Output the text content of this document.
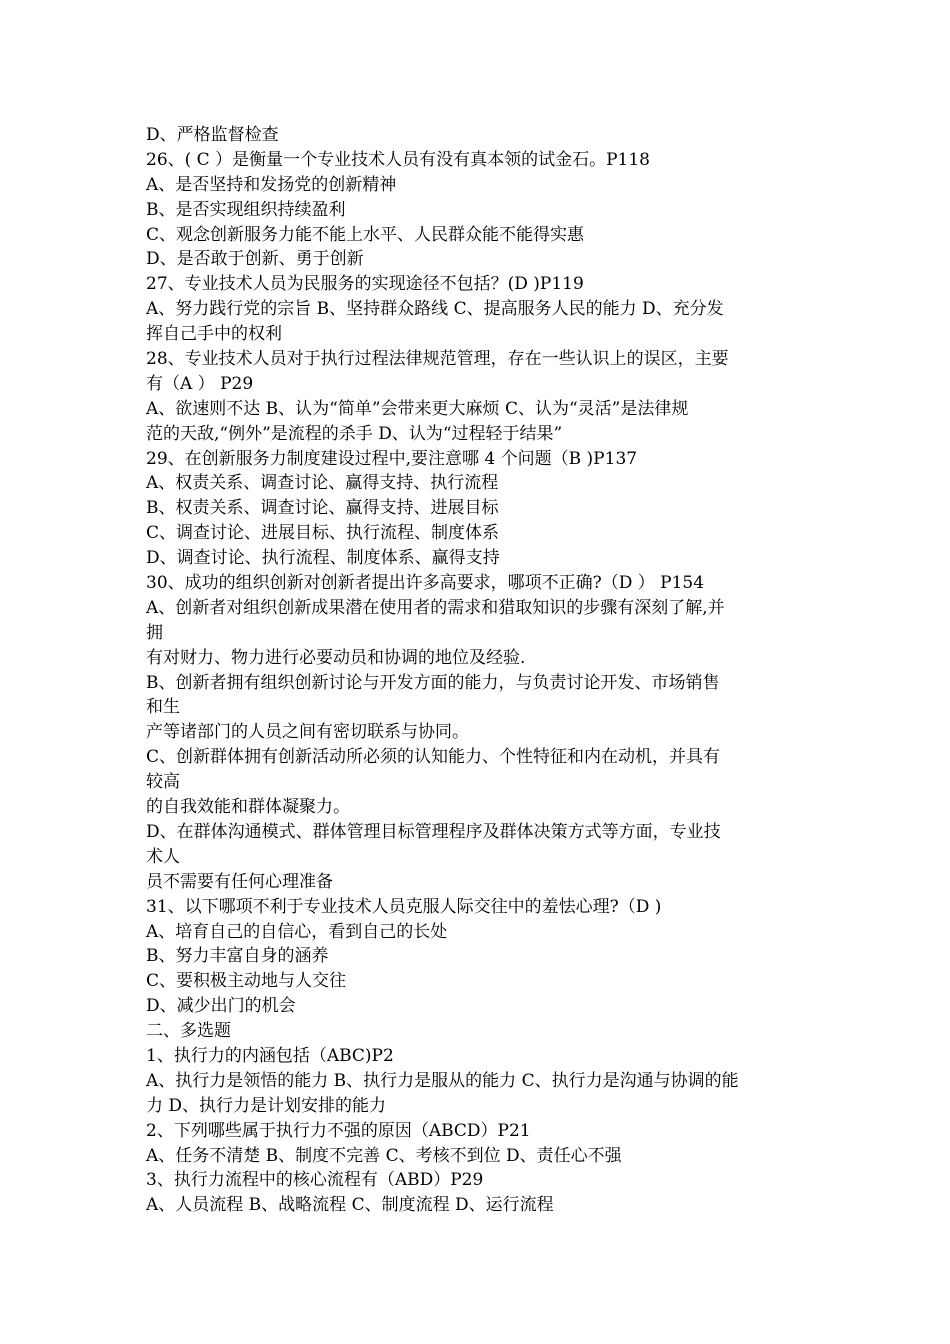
D、严格监督检查
26、( C ）是衡量一个专业技术人员有没有真本领的试金石。P118
A、是否坚持和发扬党的创新精神
B、是否实现组织持续盈利
C、观念创新服务力能不能上水平、人民群众能不能得实惠
D、是否敢于创新、勇于创新
27、专业技术人员为民服务的实现途径不包括？(D )P119
A、努力践行党的宗旨 B、坚持群众路线 C、提高服务人民的能力 D、充分发
挥自己手中的权利
28、专业技术人员对于执行过程法律规范管理，存在一些认识上的误区，主要
有（A ） P29
A、欲速则不达 B、认为“简单”会带来更大麻烦 C、认为“灵活”是法律规
范的天敌,“例外”是流程的杀手 D、认为“过程轻于结果”
29、在创新服务力制度建设过程中,要注意哪 4 个问题（B )P137
A、权责关系、调查讨论、赢得支持、执行流程
B、权责关系、调查讨论、赢得支持、进展目标
C、调查讨论、进展目标、执行流程、制度体系
D、调查讨论、执行流程、制度体系、赢得支持
30、成功的组织创新对创新者提出许多高要求，哪项不正确?（D ） P154
A、创新者对组织创新成果潜在使用者的需求和猎取知识的步骤有深刻了解,并
拥
有对财力、物力进行必要动员和协调的地位及经验.
B、创新者拥有组织创新讨论与开发方面的能力，与负责讨论开发、市场销售
和生
产等诸部门的人员之间有密切联系与协同。
C、创新群体拥有创新活动所必须的认知能力、个性特征和内在动机，并具有
较高
的自我效能和群体凝聚力。
D、在群体沟通模式、群体管理目标管理程序及群体决策方式等方面，专业技
术人
员不需要有任何心理准备
31、以下哪项不利于专业技术人员克服人际交往中的羞怯心理?（D )
A、培育自己的自信心，看到自己的长处
B、努力丰富自身的涵养
C、要积极主动地与人交往
D、减少出门的机会
二、多选题
1、执行力的内涵包括（ABC)P2
A、执行力是领悟的能力 B、执行力是服从的能力 C、执行力是沟通与协调的能
力 D、执行力是计划安排的能力
2、下列哪些属于执行力不强的原因（ABCD）P21
A、任务不清楚 B、制度不完善 C、考核不到位 D、责任心不强
3、执行力流程中的核心流程有（ABD）P29
A、人员流程 B、战略流程 C、制度流程 D、运行流程
